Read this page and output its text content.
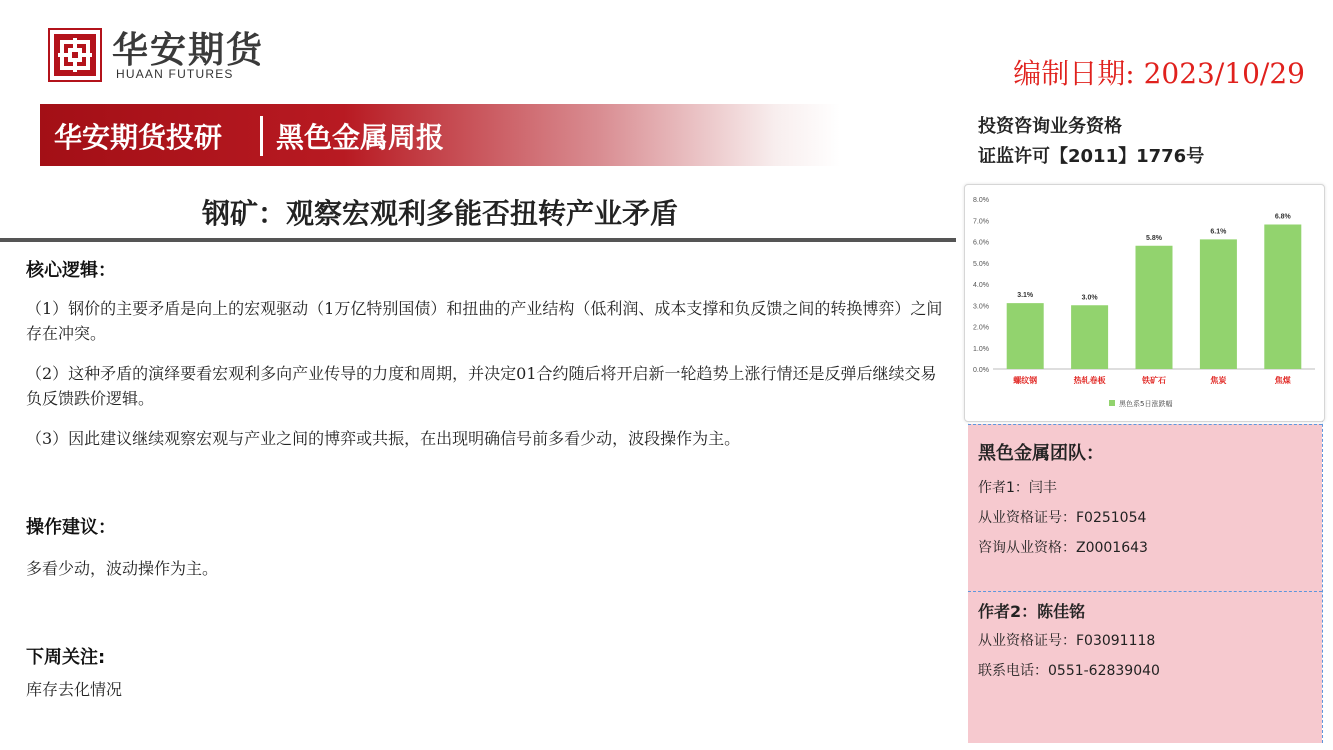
华安期货
HUAAN FUTURES	编制日期: 2023/10/29
华安期货投研 黑色金属周报
钢矿：观察宏观利多能否扭转产业矛盾
核心逻辑：
（1）钢价的主要矛盾是向上的宏观驱动（1万亿特别国债）和扭曲的产业结构（低利润、成本支撑和负反馈之间的转换博弈）之间存在冲突。
（2）这种矛盾的演绎要看宏观利多向产业传导的力度和周期，并决定01合约随后将开启新一轮趋势上涨行情还是反弹后继续交易负反馈跌价逻辑。
（3）因此建议继续观察宏观与产业之间的博弈或共振，在出现明确信号前多看少动，波段操作为主。
操作建议：
多看少动，波动操作为主。
下周关注:
库存去化情况
投资咨询业务资格
证监许可【2011】1776号
0.0%
1.0%
2.0%
3.0%
4.0%
5.0%
6.0%
7.0%
8.0%
3.1%
螺纹钢
3.0%
热轧卷板
5.8%
铁矿石
6.1%
焦炭
6.8%
焦煤
黑色系5日涨跌幅
黑色金属团队：
作者1：闫丰
从业资格证号：F0251054
咨询从业资格：Z0001643
作者2：陈佳铭
从业资格证号：F03091118
联系电话：0551-62839040
